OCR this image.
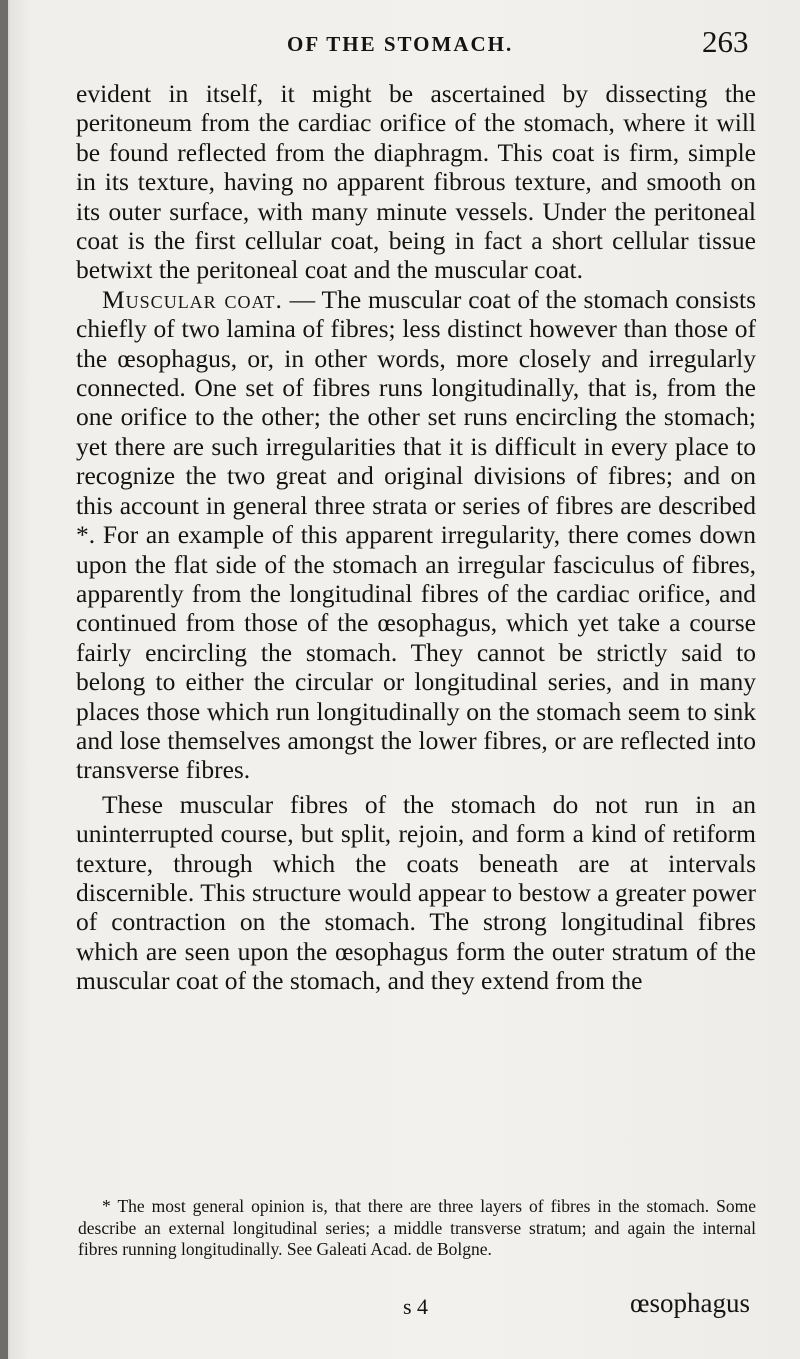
OF THE STOMACH.	263

evident in itself, it might be ascertained by dissecting the peritoneum from the cardiac orifice of the stomach, where it will be found reflected from the diaphragm. This coat is firm, simple in its texture, having no apparent fibrous texture, and smooth on its outer surface, with many minute vessels. Under the peritoneal coat is the first cellular coat, being in fact a short cellular tissue betwixt the peritoneal coat and the muscular coat.

Muscular coat. — The muscular coat of the stomach consists chiefly of two lamina of fibres; less distinct however than those of the œsophagus, or, in other words, more closely and irregularly connected. One set of fibres runs longitudinally, that is, from the one orifice to the other; the other set runs encircling the stomach; yet there are such irregularities that it is difficult in every place to recognize the two great and original divisions of fibres; and on this account in general three strata or series of fibres are described *. For an example of this apparent irregularity, there comes down upon the flat side of the stomach an irregular fasciculus of fibres, apparently from the longitudinal fibres of the cardiac orifice, and continued from those of the œsophagus, which yet take a course fairly encircling the stomach. They cannot be strictly said to belong to either the circular or longitudinal series, and in many places those which run longitudinally on the stomach seem to sink and lose themselves amongst the lower fibres, or are reflected into transverse fibres.

These muscular fibres of the stomach do not run in an uninterrupted course, but split, rejoin, and form a kind of retiform texture, through which the coats beneath are at intervals discernible. This structure would appear to bestow a greater power of contraction on the stomach. The strong longitudinal fibres which are seen upon the œsophagus form the outer stratum of the muscular coat of the stomach, and they extend from the

* The most general opinion is, that there are three layers of fibres in the stomach. Some describe an external longitudinal series; a middle transverse stratum; and again the internal fibres running longitudinally. See Galeati Acad. de Bolgne.
s 4	œsophagus
